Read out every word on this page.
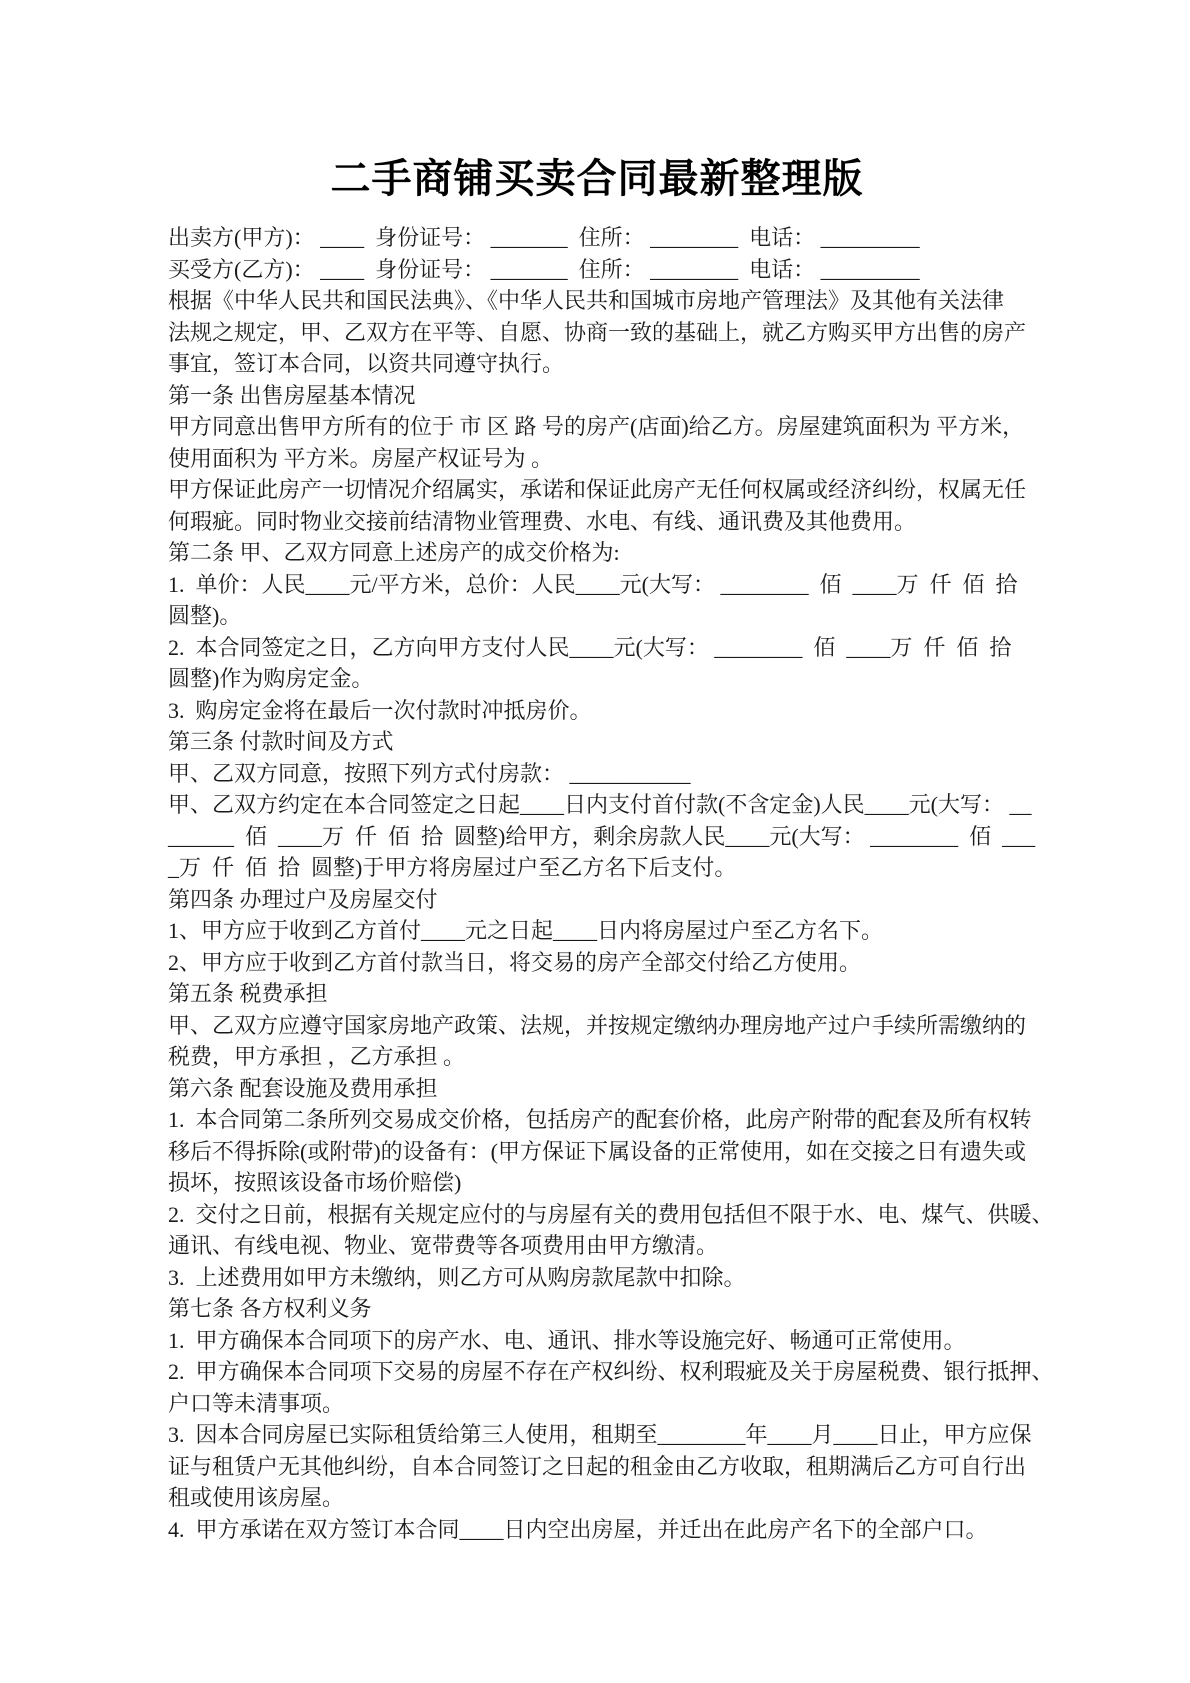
二手商铺买卖合同最新整理版
出卖方(甲方)： ____  身份证号： _______  住所： ________  电话： _________
买受方(乙方)： ____  身份证号： _______  住所： ________  电话： _________
根据《中华人民共和国民法典》、《中华人民共和国城市房地产管理法》及其他有关法律
法规之规定，甲、乙双方在平等、自愿、协商一致的基础上，就乙方购买甲方出售的房产
事宜，签订本合同，以资共同遵守执行。
第一条 出售房屋基本情况
甲方同意出售甲方所有的位于 市 区 路 号的房产(店面)给乙方。房屋建筑面积为 平方米，
使用面积为 平方米。房屋产权证号为 。
甲方保证此房产一切情况介绍属实，承诺和保证此房产无任何权属或经济纠纷，权属无任
何瑕疵。同时物业交接前结清物业管理费、水电、有线、通讯费及其他费用。
第二条 甲、乙双方同意上述房产的成交价格为:
1.  单价：人民____元/平方米，总价：人民____元(大写： ________  佰  ____万  仟  佰  拾
圆整)。
2.  本合同签定之日，乙方向甲方支付人民____元(大写： ________  佰  ____万  仟  佰  拾
圆整)作为购房定金。
3.  购房定金将在最后一次付款时冲抵房价。
第三条 付款时间及方式
甲、乙双方同意，按照下列方式付房款： ___________
甲、乙双方约定在本合同签定之日起____日内支付首付款(不含定金)人民____元(大写： __
______  佰  ____万  仟  佰  拾  圆整)给甲方，剩余房款人民____元(大写： ________  佰  ___
_万  仟  佰  拾  圆整)于甲方将房屋过户至乙方名下后支付。
第四条 办理过户及房屋交付
1、甲方应于收到乙方首付____元之日起____日内将房屋过户至乙方名下。
2、甲方应于收到乙方首付款当日，将交易的房产全部交付给乙方使用。
第五条 税费承担
甲、乙双方应遵守国家房地产政策、法规，并按规定缴纳办理房地产过户手续所需缴纳的
税费，甲方承担 ，乙方承担 。
第六条 配套设施及费用承担
1.  本合同第二条所列交易成交价格，包括房产的配套价格，此房产附带的配套及所有权转
移后不得拆除(或附带)的设备有：(甲方保证下属设备的正常使用，如在交接之日有遗失或
损坏，按照该设备市场价赔偿)
2.  交付之日前，根据有关规定应付的与房屋有关的费用包括但不限于水、电、煤气、供暖、
通讯、有线电视、物业、宽带费等各项费用由甲方缴清。
3.  上述费用如甲方未缴纳，则乙方可从购房款尾款中扣除。
第七条 各方权利义务
1.  甲方确保本合同项下的房产水、电、通讯、排水等设施完好、畅通可正常使用。
2.  甲方确保本合同项下交易的房屋不存在产权纠纷、权利瑕疵及关于房屋税费、银行抵押、
户口等未清事项。
3.  因本合同房屋已实际租赁给第三人使用，租期至________年____月____日止，甲方应保
证与租赁户无其他纠纷，自本合同签订之日起的租金由乙方收取，租期满后乙方可自行出
租或使用该房屋。
4.  甲方承诺在双方签订本合同____日内空出房屋，并迁出在此房产名下的全部户口。
